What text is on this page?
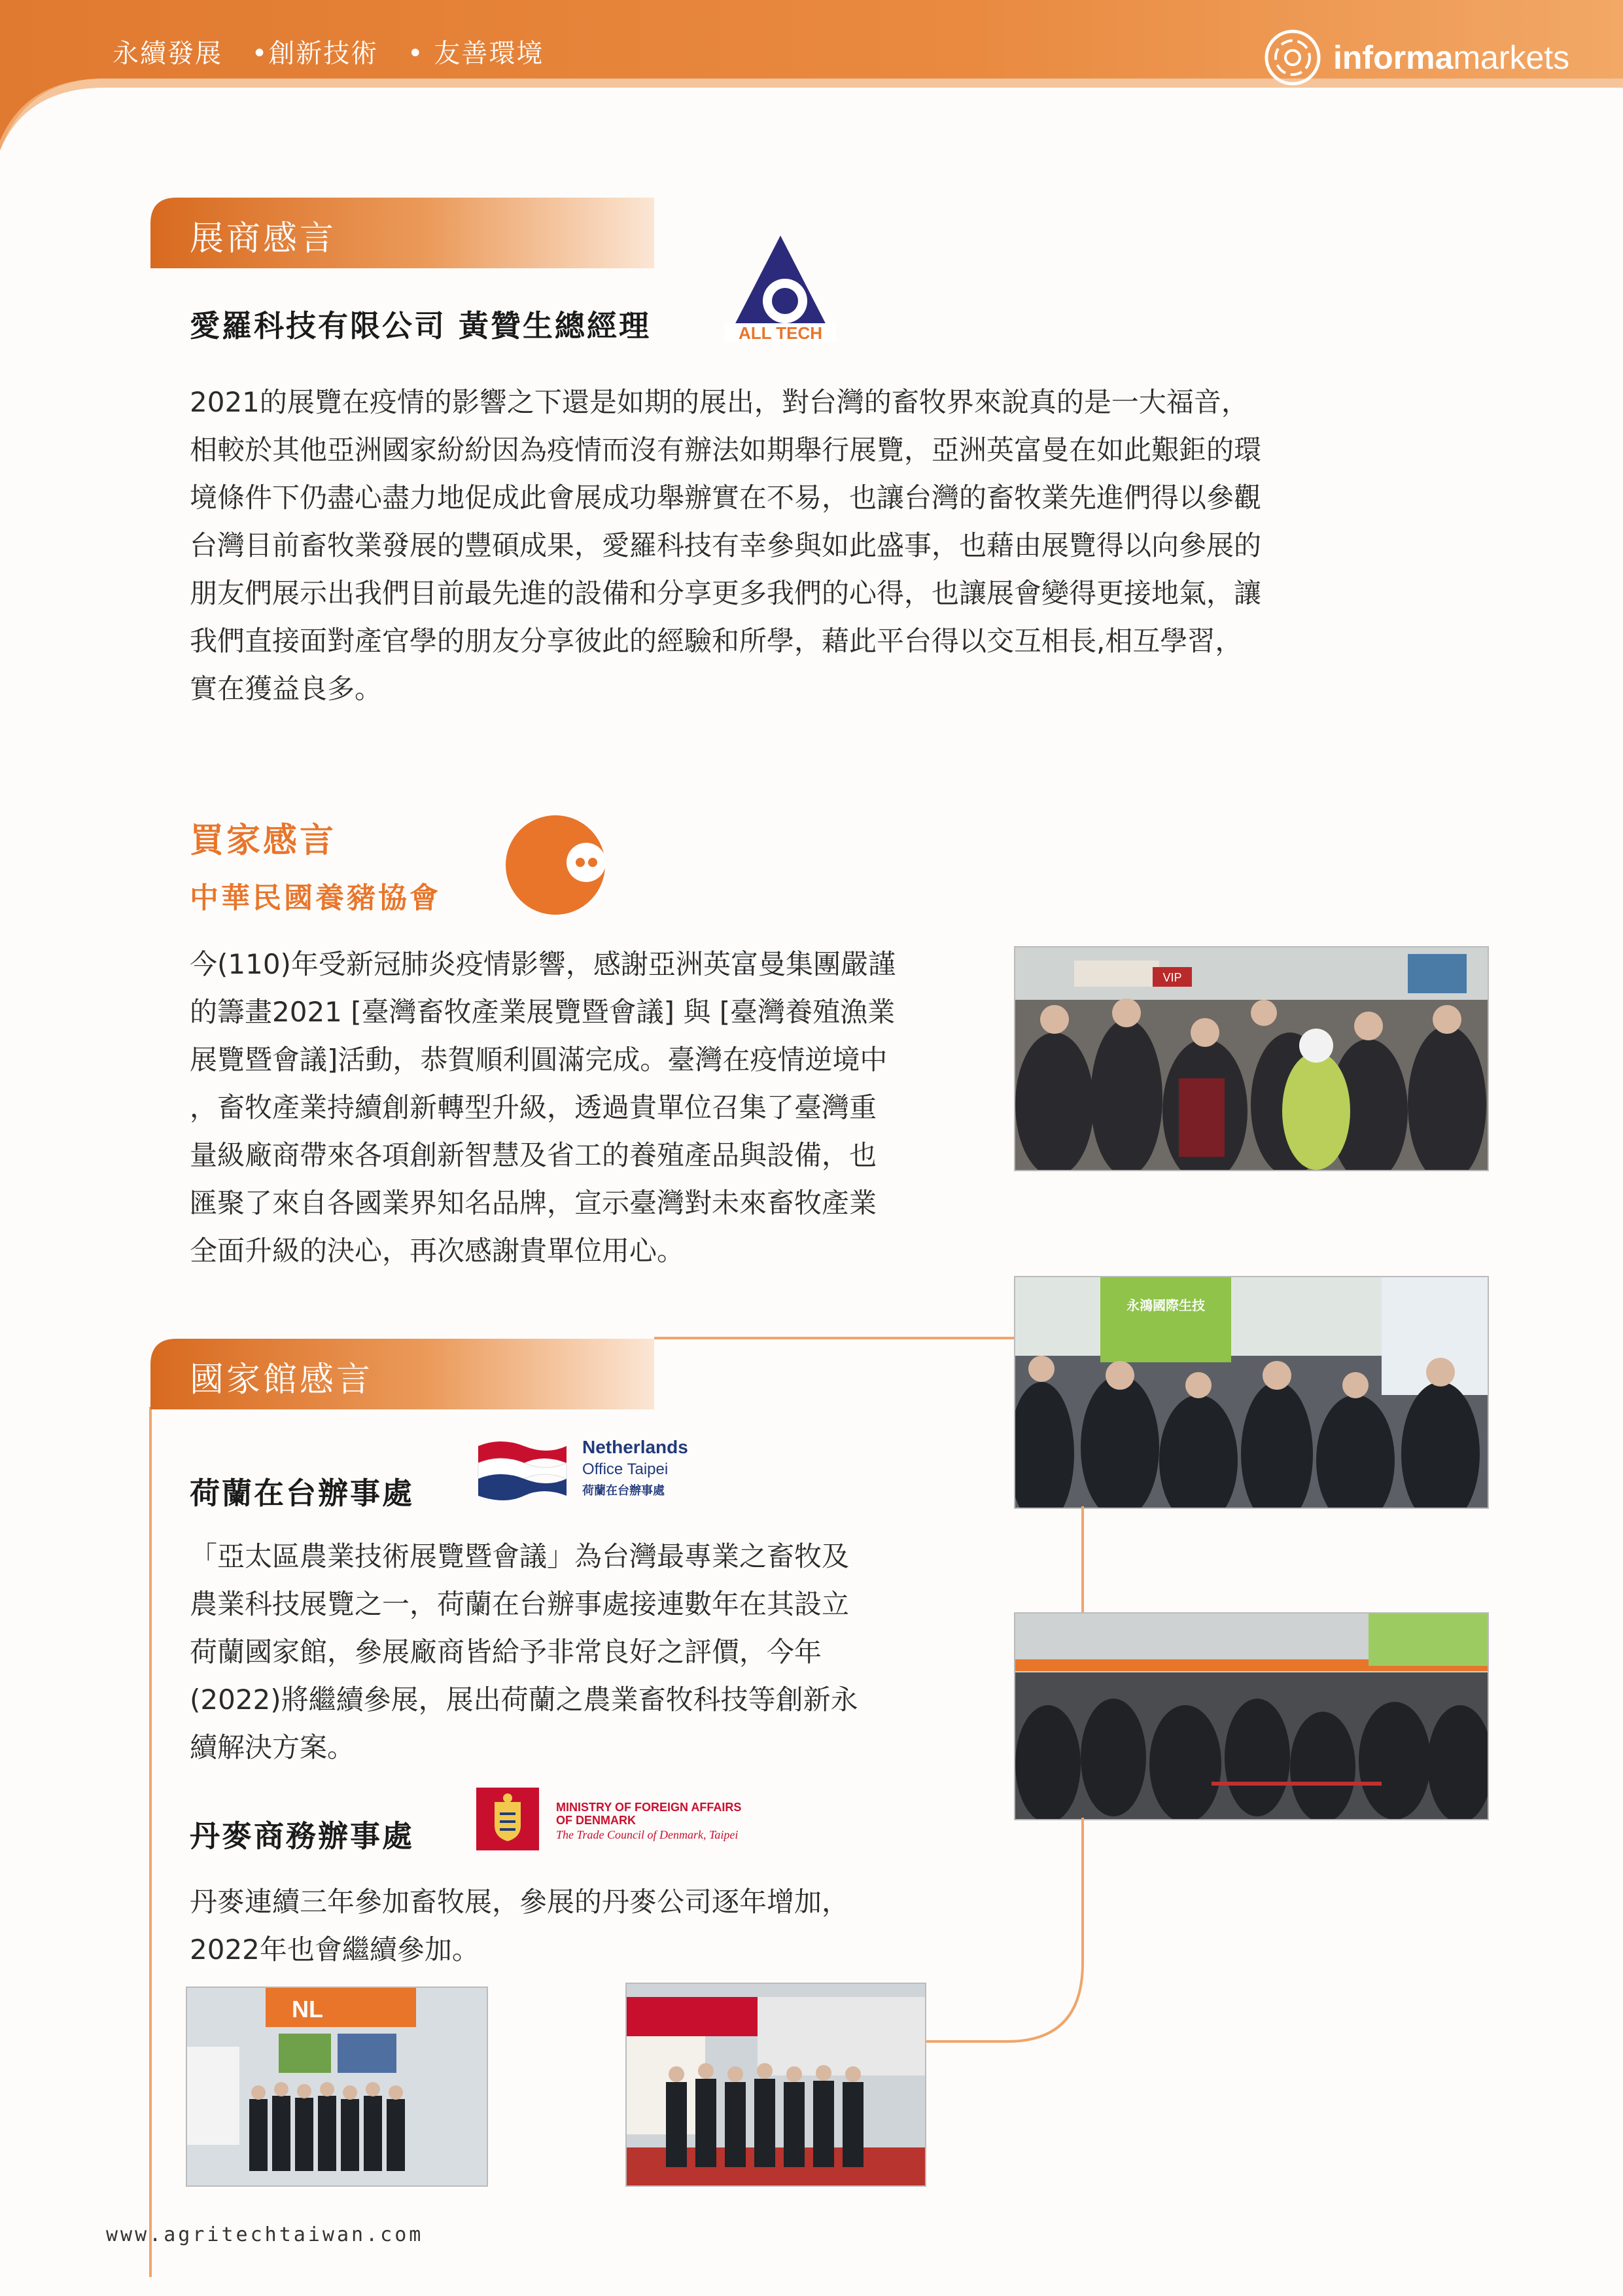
永續發展 •創新技術 • 友善環境	informamarkets
展商感言
愛羅科技有限公司 黃贊生總經理	ALL TECH

2021的展覽在疫情的影響之下還是如期的展出，對台灣的畜牧界來說真的是一大福音，

相較於其他亞洲國家紛紛因為疫情而沒有辦法如期舉行展覽，亞洲英富曼在如此艱鉅的環

境條件下仍盡心盡力地促成此會展成功舉辦實在不易，也讓台灣的畜牧業先進們得以參觀

台灣目前畜牧業發展的豐碩成果，愛羅科技有幸參與如此盛事，也藉由展覽得以向參展的

朋友們展示出我們目前最先進的設備和分享更多我們的心得，也讓展會變得更接地氣，讓

我們直接面對產官學的朋友分享彼此的經驗和所學，藉此平台得以交互相長,相互學習，

實在獲益良多。

買家感言
中華民國養豬協會

今(110)年受新冠肺炎疫情影響，感謝亞洲英富曼集團嚴謹

的籌畫2021 [臺灣畜牧產業展覽暨會議] 與 [臺灣養殖漁業

展覽暨會議]活動，恭賀順利圓滿完成。臺灣在疫情逆境中

，畜牧產業持續創新轉型升級，透過貴單位召集了臺灣重

量級廠商帶來各項創新智慧及省工的養殖產品與設備，也

匯聚了來自各國業界知名品牌，宣示臺灣對未來畜牧產業

全面升級的決心，再次感謝貴單位用心。

VIP
永鴻國際生技
國家館感言
荷蘭在台辦事處
Netherlands
Office Taipei
荷蘭在台辦事處

「亞太區農業技術展覽暨會議」為台灣最專業之畜牧及

農業科技展覽之一，荷蘭在台辦事處接連數年在其設立

荷蘭國家館，參展廠商皆給予非常良好之評價，今年

(2022)將繼續參展，展出荷蘭之農業畜牧科技等創新永

續解決方案。

丹麥商務辦事處
MINISTRY OF FOREIGN AFFAIRS
OF DENMARK
The Trade Council of Denmark, Taipei

丹麥連續三年參加畜牧展，參展的丹麥公司逐年增加，

2022年也會繼續參加。

NL
www.agritechtaiwan.com
